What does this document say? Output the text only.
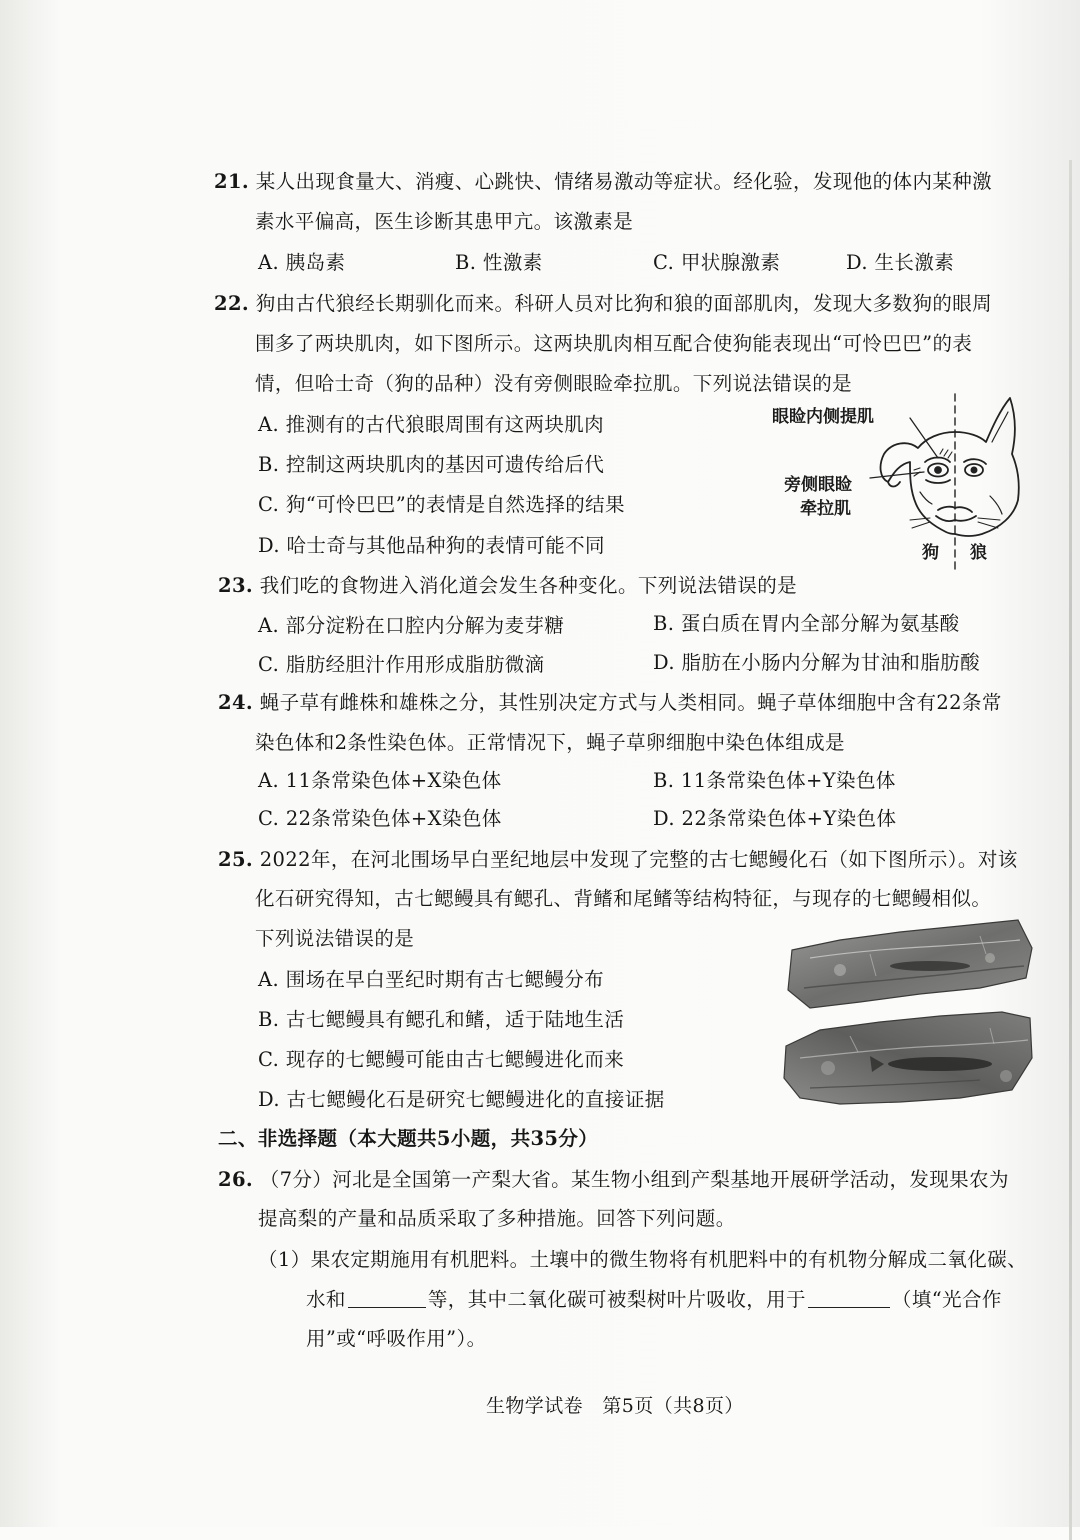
21. 某人出现食量大、消瘦、心跳快、情绪易激动等症状。经化验，发现他的体内某种激
素水平偏高，医生诊断其患甲亢。该激素是
A. 胰岛素	B. 性激素	C. 甲状腺激素	D. 生长激素
22. 狗由古代狼经长期驯化而来。科研人员对比狗和狼的面部肌肉，发现大多数狗的眼周
围多了两块肌肉，如下图所示。这两块肌肉相互配合使狗能表现出“可怜巴巴”的表
情，但哈士奇（狗的品种）没有旁侧眼睑牵拉肌。下列说法错误的是
A. 推测有的古代狼眼周围有这两块肌肉
B. 控制这两块肌肉的基因可遗传给后代
C. 狗“可怜巴巴”的表情是自然选择的结果
D. 哈士奇与其他品种狗的表情可能不同
眼睑内侧提肌
旁侧眼睑
牵拉肌
狗 狼
23. 我们吃的食物进入消化道会发生各种变化。下列说法错误的是
A. 部分淀粉在口腔内分解为麦芽糖	B. 蛋白质在胃内全部分解为氨基酸
C. 脂肪经胆汁作用形成脂肪微滴	D. 脂肪在小肠内分解为甘油和脂肪酸
24. 蝇子草有雌株和雄株之分，其性别决定方式与人类相同。蝇子草体细胞中含有22条常
染色体和2条性染色体。正常情况下，蝇子草卵细胞中染色体组成是
A. 11条常染色体+X染色体	B. 11条常染色体+Y染色体
C. 22条常染色体+X染色体	D. 22条常染色体+Y染色体
25. 2022年，在河北围场早白垩纪地层中发现了完整的古七鳃鳗化石（如下图所示）。对该
化石研究得知，古七鳃鳗具有鳃孔、背鳍和尾鳍等结构特征，与现存的七鳃鳗相似。
下列说法错误的是
A. 围场在早白垩纪时期有古七鳃鳗分布
B. 古七鳃鳗具有鳃孔和鳍，适于陆地生活
C. 现存的七鳃鳗可能由古七鳃鳗进化而来
D. 古七鳃鳗化石是研究七鳃鳗进化的直接证据
二、非选择题（本大题共5小题，共35分）
26. （7分）河北是全国第一产梨大省。某生物小组到产梨基地开展研学活动，发现果农为
提高梨的产量和品质采取了多种措施。回答下列问题。
（1）果农定期施用有机肥料。土壤中的微生物将有机肥料中的有机物分解成二氧化碳、
水和	等，其中二氧化碳可被梨树叶片吸收，用于	（填“光合作
用”或“呼吸作用”）。
生物学试卷　第5页（共8页）
